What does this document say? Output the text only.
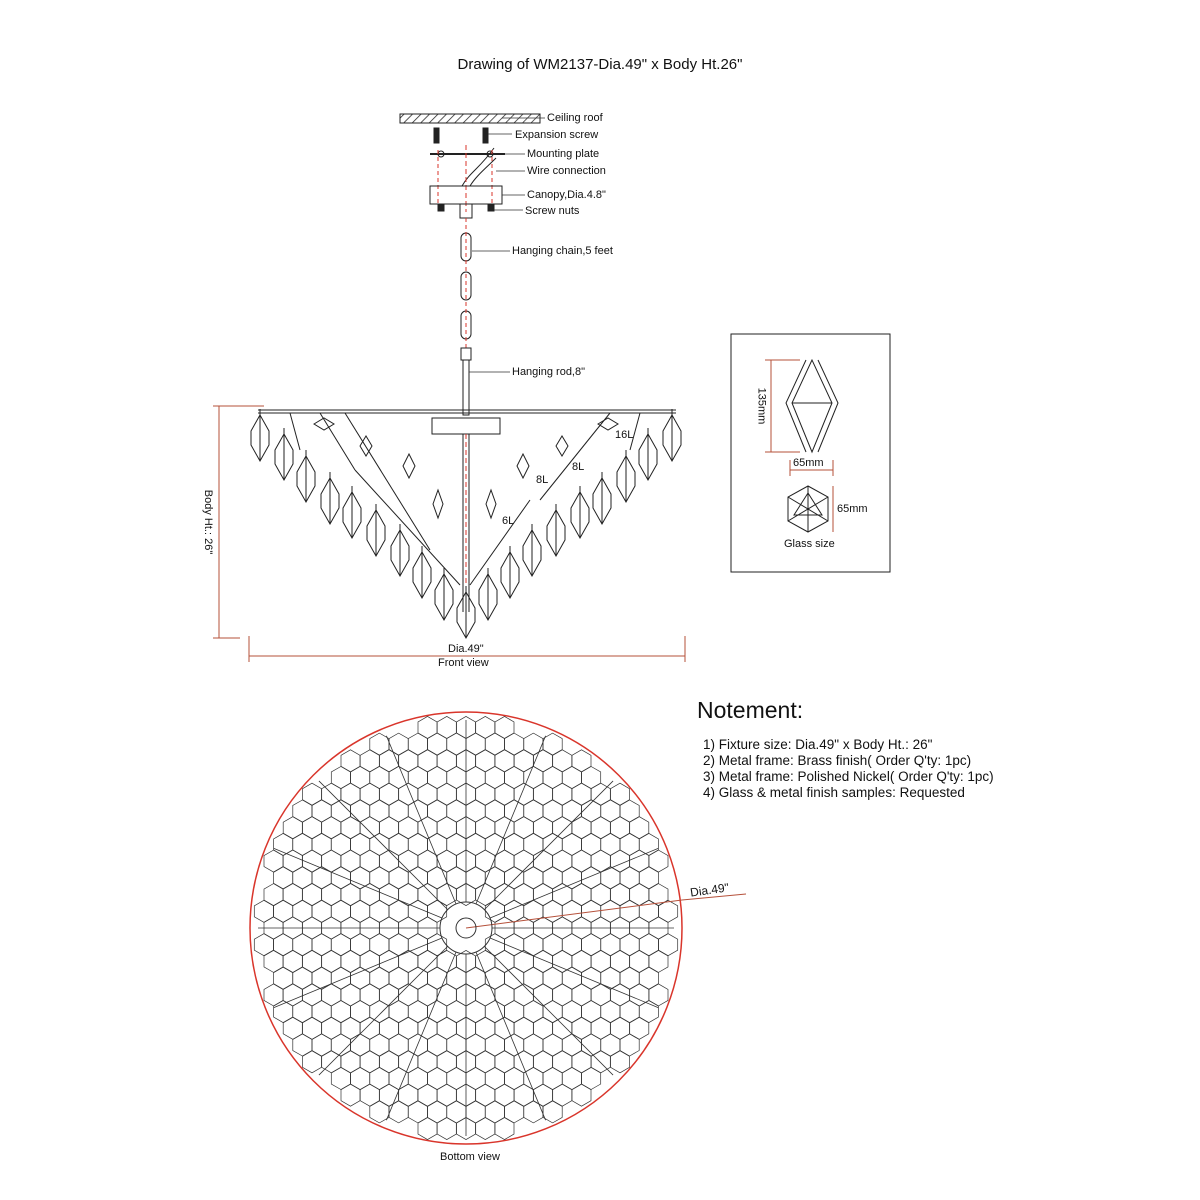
Drawing of WM2137-Dia.49" x Body Ht.26"
Ceiling roof
Expansion screw
Mounting plate
Wire connection
Canopy,Dia.4.8"
Screw nuts
Hanging chain,5 feet
Hanging rod,8"
16L
8L
8L
6L
Dia.49"
Front view
Body Ht.: 26"
135mm
65mm
65mm
Glass size
Notement:
1) Fixture size: Dia.49" x Body Ht.: 26"
2) Metal frame: Brass finish( Order Q'ty: 1pc)
3) Metal frame: Polished Nickel( Order Q'ty: 1pc)
4) Glass & metal finish samples: Requested
Dia.49"
Bottom view
